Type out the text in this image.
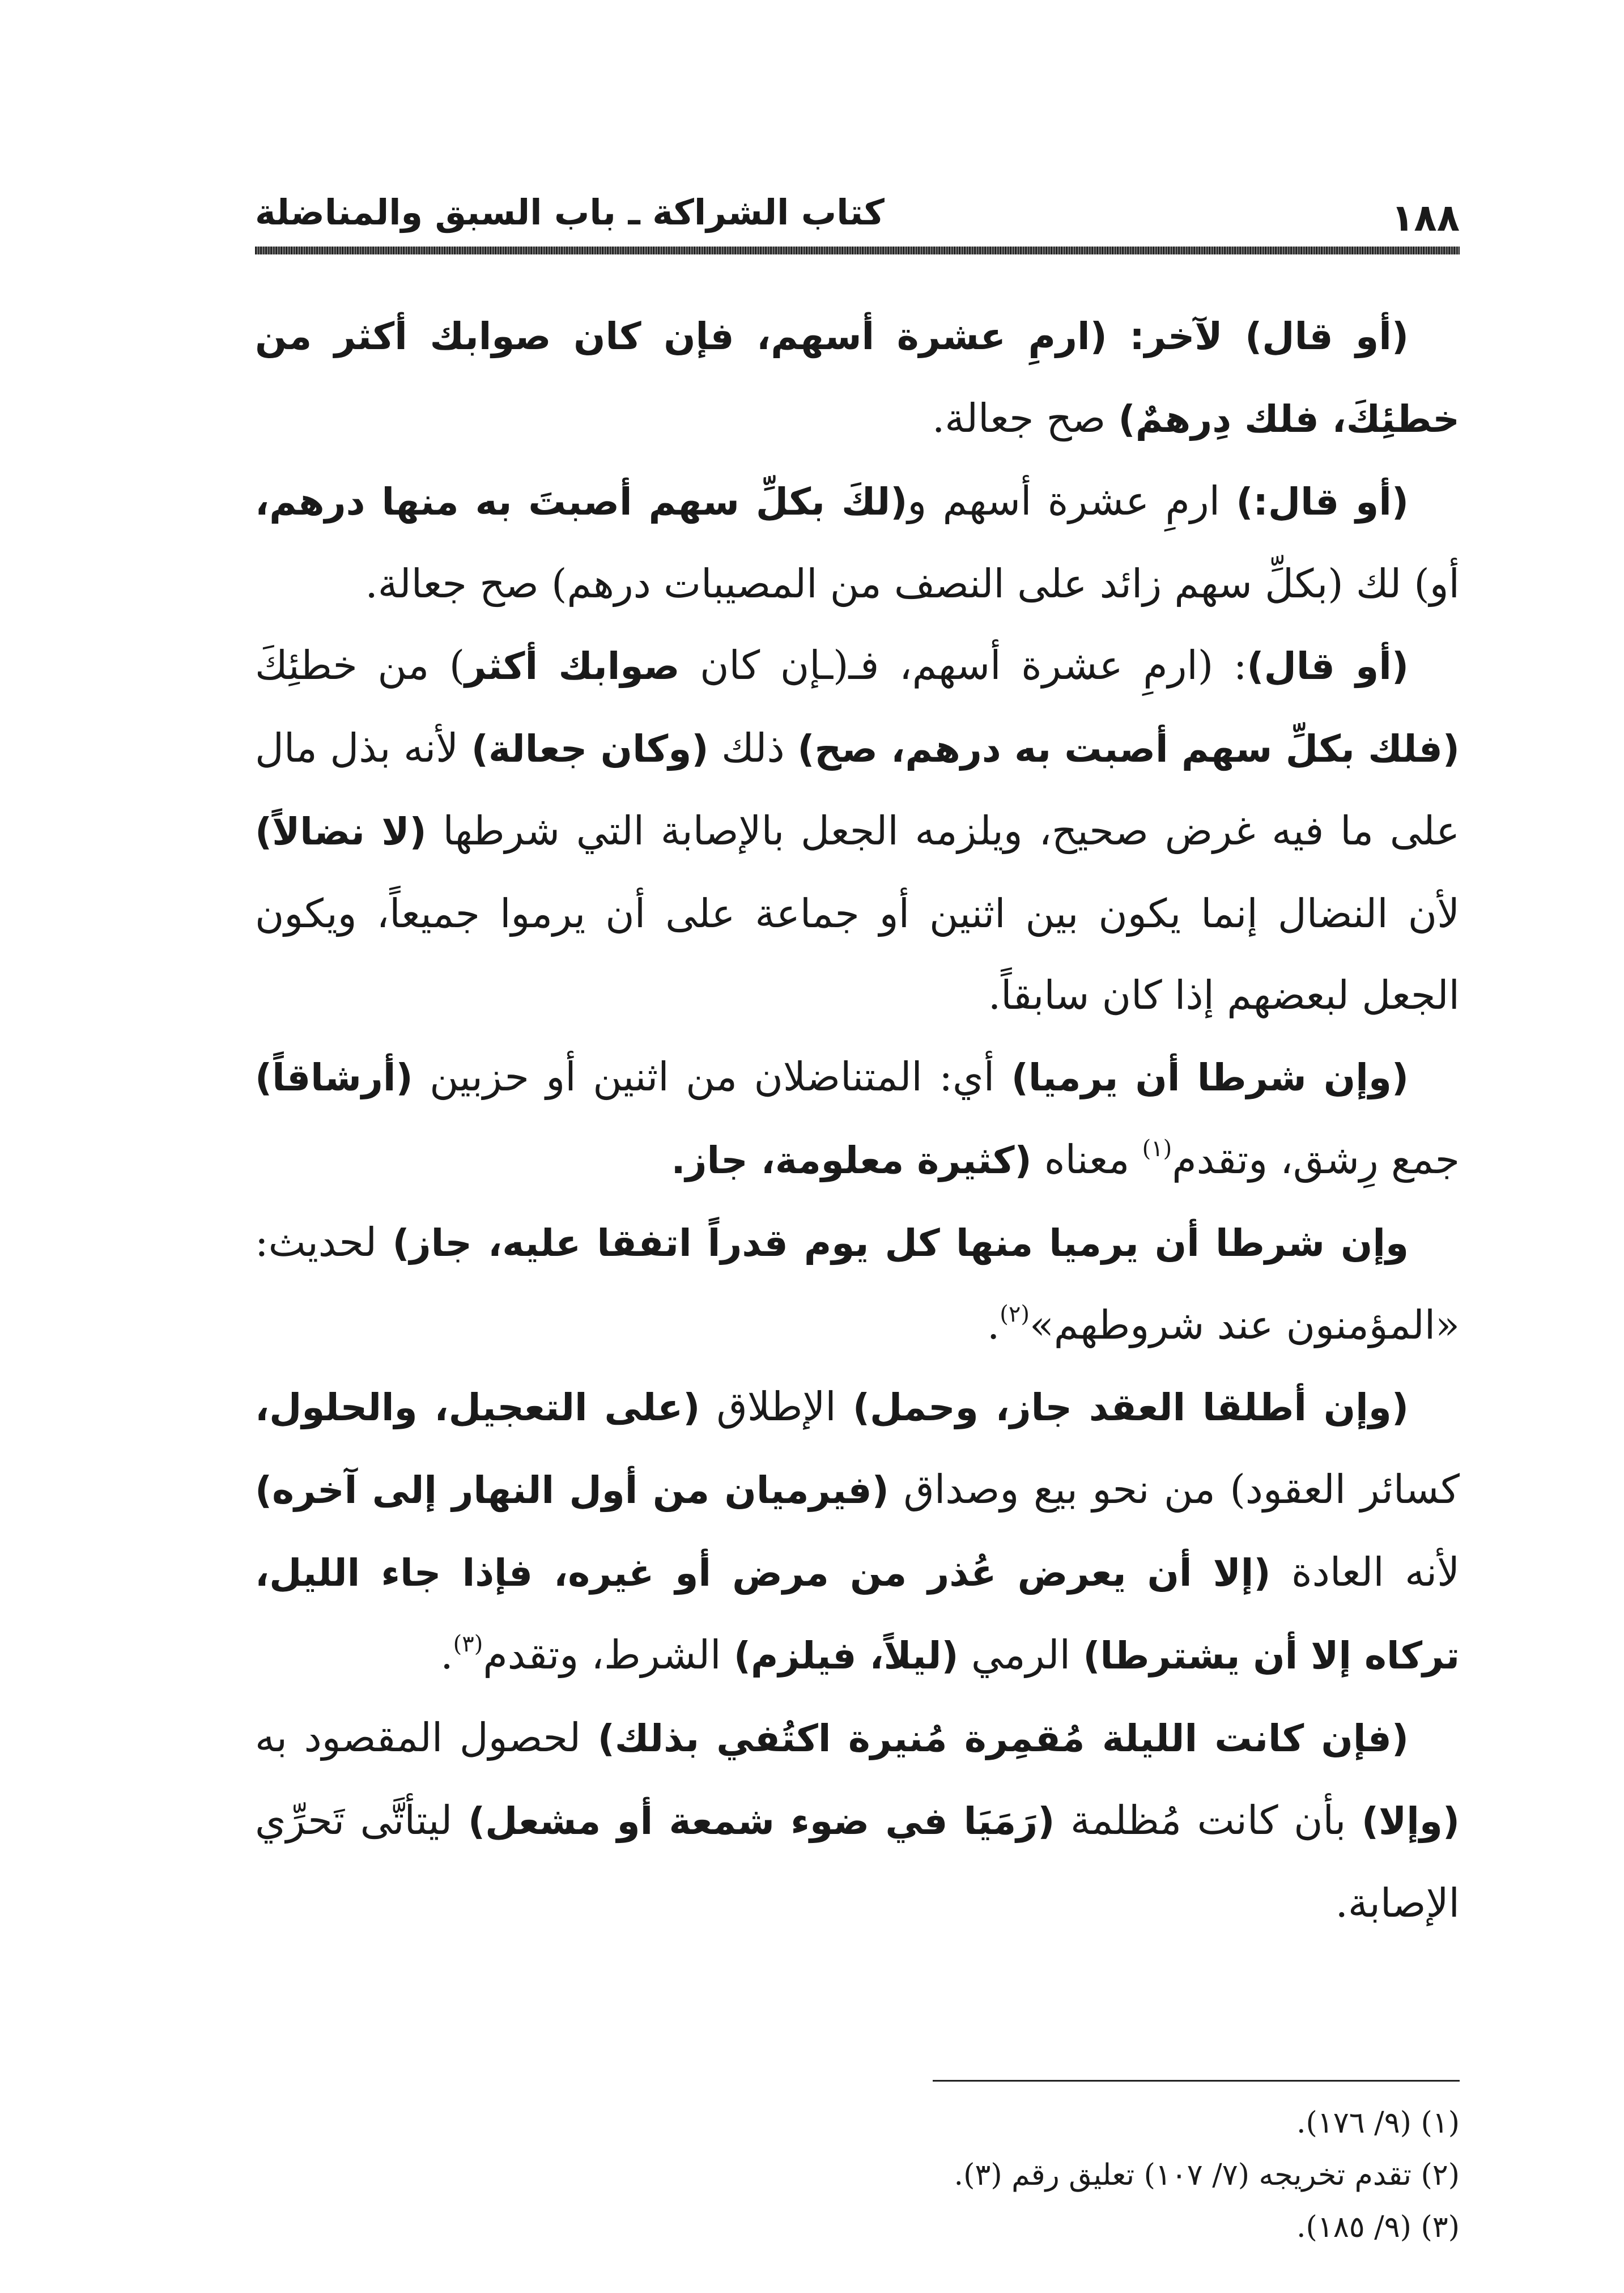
كتاب الشراكة ـ باب السبق والمناضلة	١٨٨

(أو قال) لآخر: (ارمِ عشرة أسهم، فإن كان صوابك أكثر من خطئِكَ، فلك دِرهمٌ) صح جعالة.

(أو قال:) ارمِ عشرة أسهم و(لكَ بكلِّ سهم أصبتَ به منها درهم، أو) لك (بكلِّ سهم زائد على النصف من المصيبات درهم) صح جعالة.

(أو قال): (ارمِ عشرة أسهم، فـ(ـإن كان صوابك أكثر) من خطئِكَ (فلك بكلِّ سهم أصبت به درهم، صح) ذلك (وكان جعالة) لأنه بذل مال على ما فيه غرض صحيح، ويلزمه الجعل بالإصابة التي شرطها (لا نضالاً) لأن النضال إنما يكون بين اثنين أو جماعة على أن يرموا جميعاً، ويكون الجعل لبعضهم إذا كان سابقاً.

(وإن شرطا أن يرميا) أي: المتناضلان من اثنين أو حزبين (أرشاقاً) جمع رِشق، وتقدم$^{(١)}$ معناه (كثيرة معلومة، جاز.

وإن شرطا أن يرميا منها كل يوم قدراً اتفقا عليه، جاز) لحديث: «المؤمنون عند شروطهم»$^{(٢)}$.

(وإن أطلقا العقد جاز، وحمل) الإطلاق (على التعجيل، والحلول، كسائر العقود) من نحو بيع وصداق (فيرميان من أول النهار إلى آخره) لأنه العادة (إلا أن يعرض عُذر من مرض أو غيره، فإذا جاء الليل، تركاه إلا أن يشترطا) الرمي (ليلاً، فيلزم) الشرط، وتقدم$^{(٣)}$.

(فإن كانت الليلة مُقمِرة مُنيرة اكتُفي بذلك) لحصول المقصود به (وإلا) بأن كانت مُظلمة (رَمَيَا في ضوء شمعة أو مشعل) ليتأتَّى تَحرِّي الإصابة.

(١) (٩/ ١٧٦).
(٢) تقدم تخريجه (٧/ ١٠٧) تعليق رقم (٣).
(٣) (٩/ ١٨٥).
